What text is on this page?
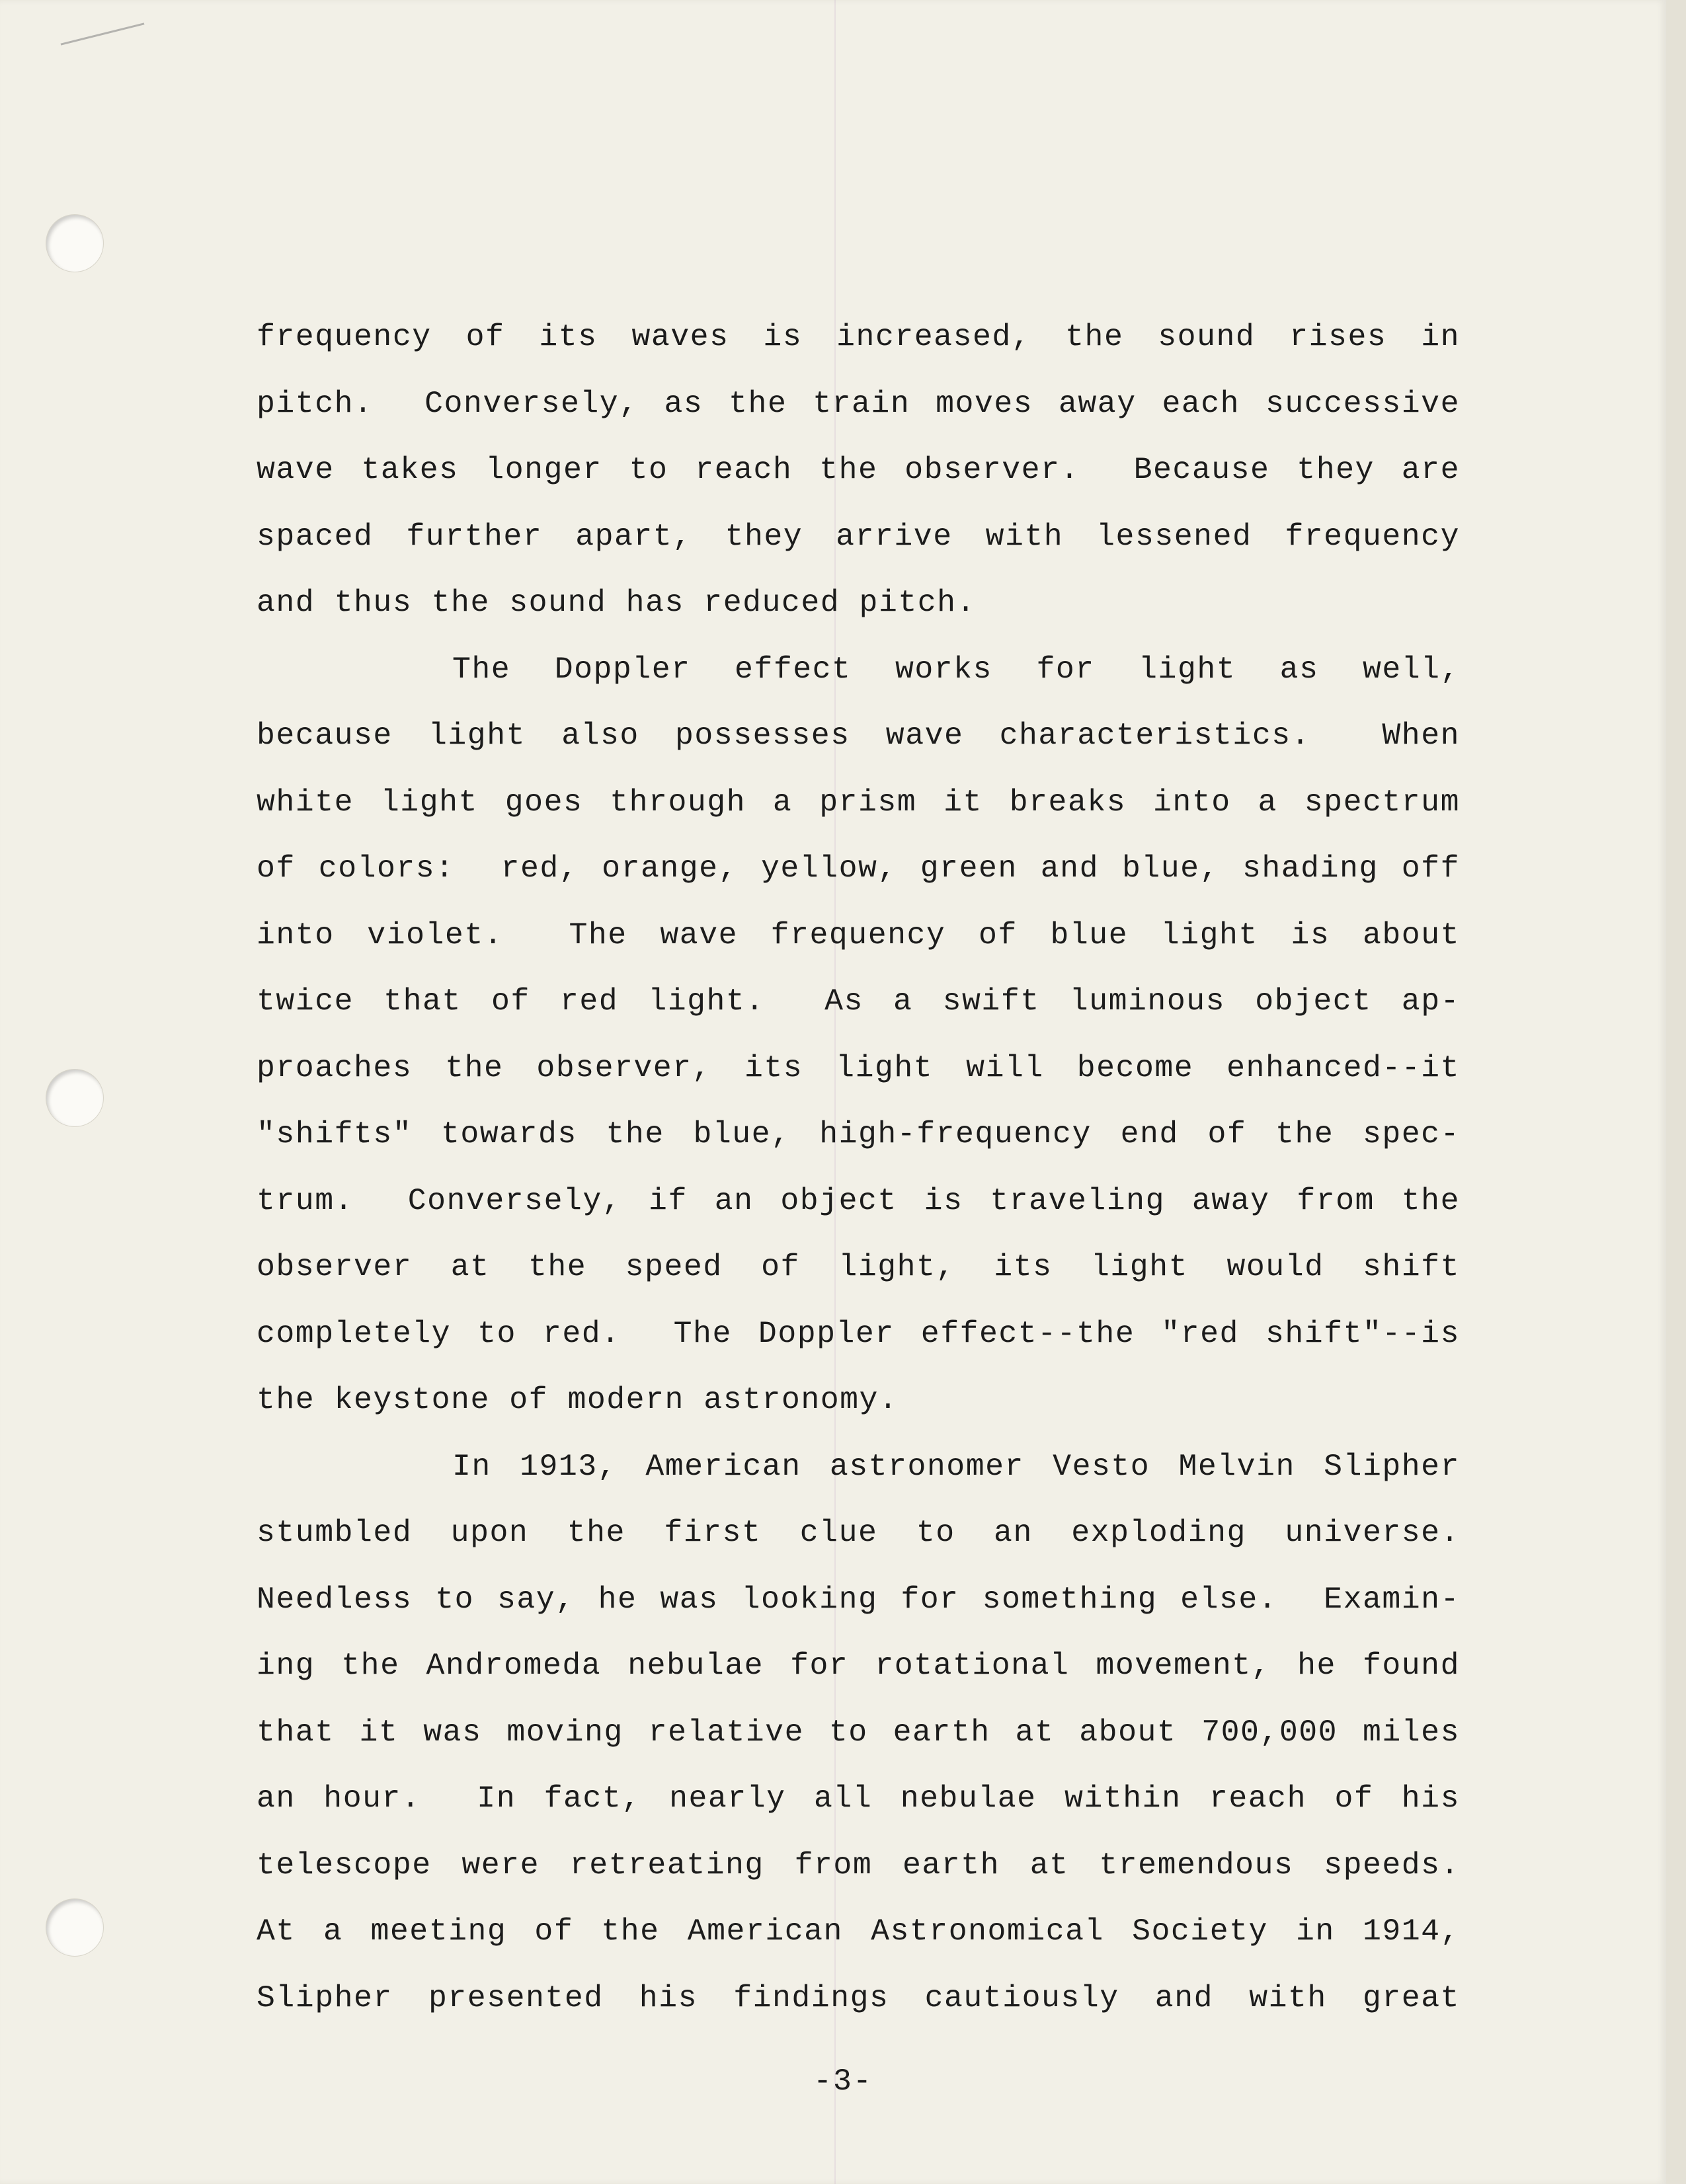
frequency of its waves is increased, the sound rises in
pitch.  Conversely, as the train moves away each successive
wave takes longer to reach the observer.  Because they are
spaced further apart, they arrive with lessened frequency
and thus the sound has reduced pitch.
The Doppler effect works for light as well,
because light also possesses wave characteristics.  When
white light goes through a prism it breaks into a spectrum
of colors:  red, orange, yellow, green and blue, shading off
into violet.  The wave frequency of blue light is about
twice that of red light.  As a swift luminous object ap-
proaches the observer, its light will become enhanced--it
"shifts" towards the blue, high-frequency end of the spec-
trum.  Conversely, if an object is traveling away from the
observer at the speed of light, its light would shift
completely to red.  The Doppler effect--the "red shift"--is
the keystone of modern astronomy.
In 1913, American astronomer Vesto Melvin Slipher
stumbled upon the first clue to an exploding universe.
Needless to say, he was looking for something else.  Examin-
ing the Andromeda nebulae for rotational movement, he found
that it was moving relative to earth at about 700,000 miles
an hour.  In fact, nearly all nebulae within reach of his
telescope were retreating from earth at tremendous speeds.
At a meeting of the American Astronomical Society in 1914,
Slipher presented his findings cautiously and with great
-3-
